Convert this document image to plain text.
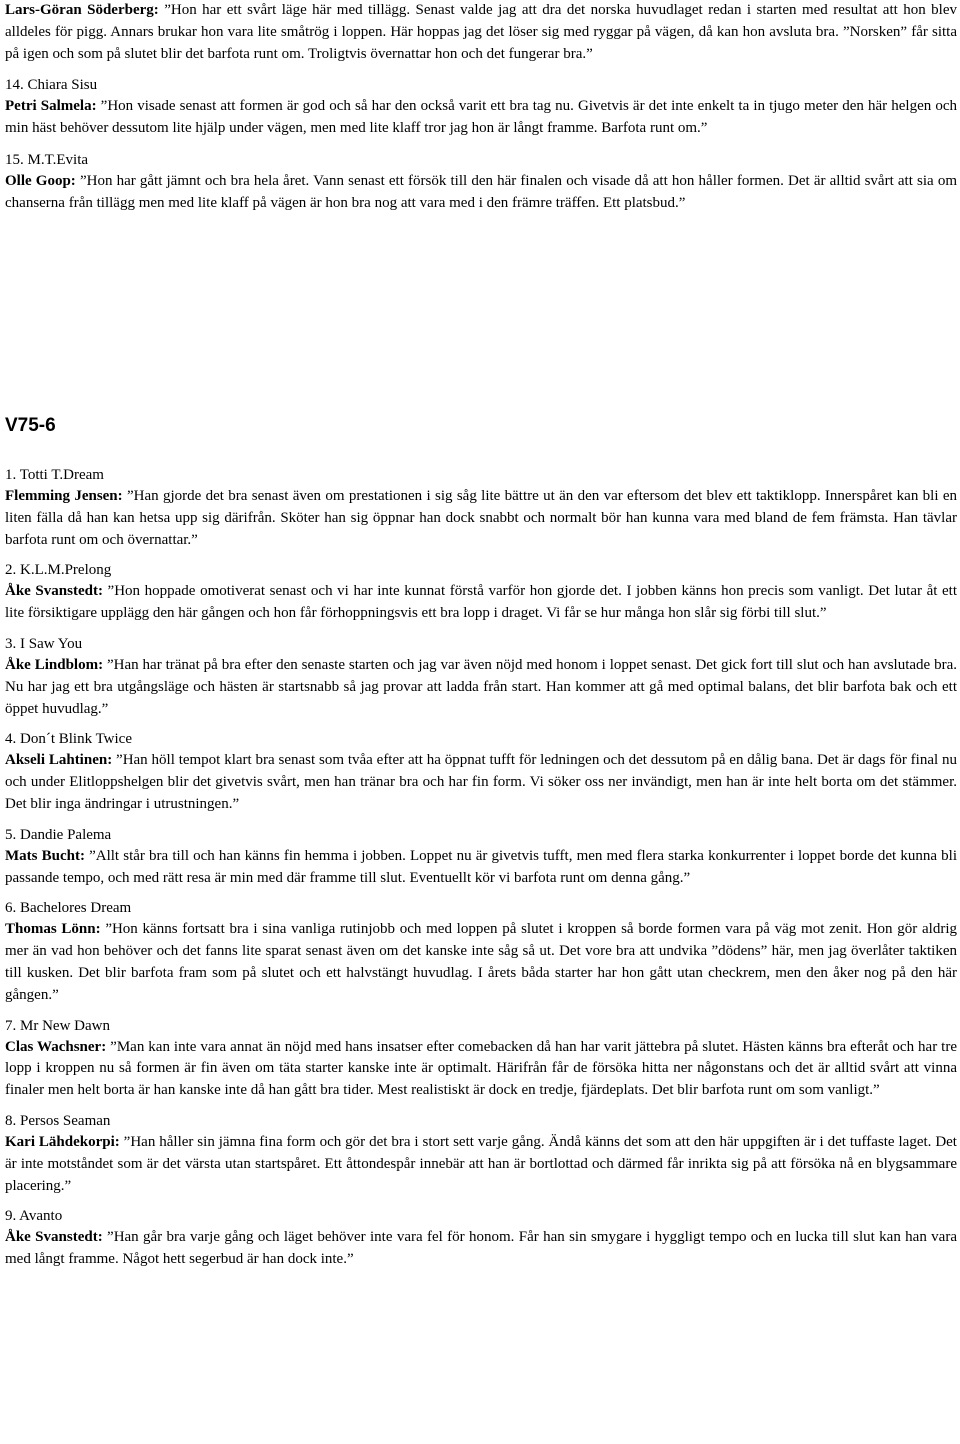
Lars-Göran Söderberg: ”Hon har ett svårt läge här med tillägg. Senast valde jag att dra det norska huvudlaget redan i starten med resultat att hon blev alldeles för pigg. Annars brukar hon vara lite småtrög i loppen. Här hoppas jag det löser sig med ryggar på vägen, då kan hon avsluta bra. ”Norsken” får sitta på igen och som på slutet blir det barfota runt om. Troligtvis övernattar hon och det fungerar bra.”

14. Chiara Sisu

Petri Salmela: ”Hon visade senast att formen är god och så har den också varit ett bra tag nu. Givetvis är det inte enkelt ta in tjugo meter den här helgen och min häst behöver dessutom lite hjälp under vägen, men med lite klaff tror jag hon är långt framme. Barfota runt om.”

15. M.T.Evita

Olle Goop: ”Hon har gått jämnt och bra hela året. Vann senast ett försök till den här finalen och visade då att hon håller formen. Det är alltid svårt att sia om chanserna från tillägg men med lite klaff på vägen är hon bra nog att vara med i den främre träffen. Ett platsbud.”

V75-6

1. Totti T.Dream

Flemming Jensen: ”Han gjorde det bra senast även om prestationen i sig såg lite bättre ut än den var eftersom det blev ett taktiklopp. Innerspåret kan bli en liten fälla då han kan hetsa upp sig därifrån. Sköter han sig öppnar han dock snabbt och normalt bör han kunna vara med bland de fem främsta. Han tävlar barfota runt om och övernattar.”

2. K.L.M.Prelong

Åke Svanstedt: ”Hon hoppade omotiverat senast och vi har inte kunnat förstå varför hon gjorde det. I jobben känns hon precis som vanligt. Det lutar åt ett lite försiktigare upplägg den här gången och hon får förhoppningsvis ett bra lopp i draget. Vi får se hur många hon slår sig förbi till slut.”

3. I Saw You

Åke Lindblom: ”Han har tränat på bra efter den senaste starten och jag var även nöjd med honom i loppet senast. Det gick fort till slut och han avslutade bra. Nu har jag ett bra utgångsläge och hästen är startsnabb så jag provar att ladda från start. Han kommer att gå med optimal balans, det blir barfota bak och ett öppet huvudlag.”

4. Don´t Blink Twice

Akseli Lahtinen: ”Han höll tempot klart bra senast som tvåa efter att ha öppnat tufft för ledningen och det dessutom på en dålig bana. Det är dags för final nu och under Elitloppshelgen blir det givetvis svårt, men han tränar bra och har fin form. Vi söker oss ner invändigt, men han är inte helt borta om det stämmer. Det blir inga ändringar i utrustningen.”

5. Dandie Palema

Mats Bucht: ”Allt står bra till och han känns fin hemma i jobben. Loppet nu är givetvis tufft, men med flera starka konkurrenter i loppet borde det kunna bli passande tempo, och med rätt resa är min med där framme till slut. Eventuellt kör vi barfota runt om denna gång.”

6. Bachelores Dream

Thomas Lönn: ”Hon känns fortsatt bra i sina vanliga rutinjobb och med loppen på slutet i kroppen så borde formen vara på väg mot zenit. Hon gör aldrig mer än vad hon behöver och det fanns lite sparat senast även om det kanske inte såg så ut. Det vore bra att undvika ”dödens” här, men jag överlåter taktiken till kusken. Det blir barfota fram som på slutet och ett halvstängt huvudlag. I årets båda starter har hon gått utan checkrem, men den åker nog på den här gången.”

7. Mr New Dawn

Clas Wachsner: ”Man kan inte vara annat än nöjd med hans insatser efter comebacken då han har varit jättebra på slutet. Hästen känns bra efteråt och har tre lopp i kroppen nu så formen är fin även om täta starter kanske inte är optimalt. Härifrån får de försöka hitta ner någonstans och det är alltid svårt att vinna finaler men helt borta är han kanske inte då han gått bra tider. Mest realistiskt är dock en tredje, fjärdeplats. Det blir barfota runt om som vanligt.”

8. Persos Seaman

Kari Lähdekorpi: ”Han håller sin jämna fina form och gör det bra i stort sett varje gång. Ändå känns det som att den här uppgiften är i det tuffaste laget. Det är inte motståndet som är det värsta utan startspåret. Ett åttondespår innebär att han är bortlottad och därmed får inrikta sig på att försöka nå en blygsammare placering.”

9. Avanto

Åke Svanstedt: ”Han går bra varje gång och läget behöver inte vara fel för honom. Får han sin smygare i hyggligt tempo och en lucka till slut kan han vara med långt framme. Något hett segerbud är han dock inte.”
